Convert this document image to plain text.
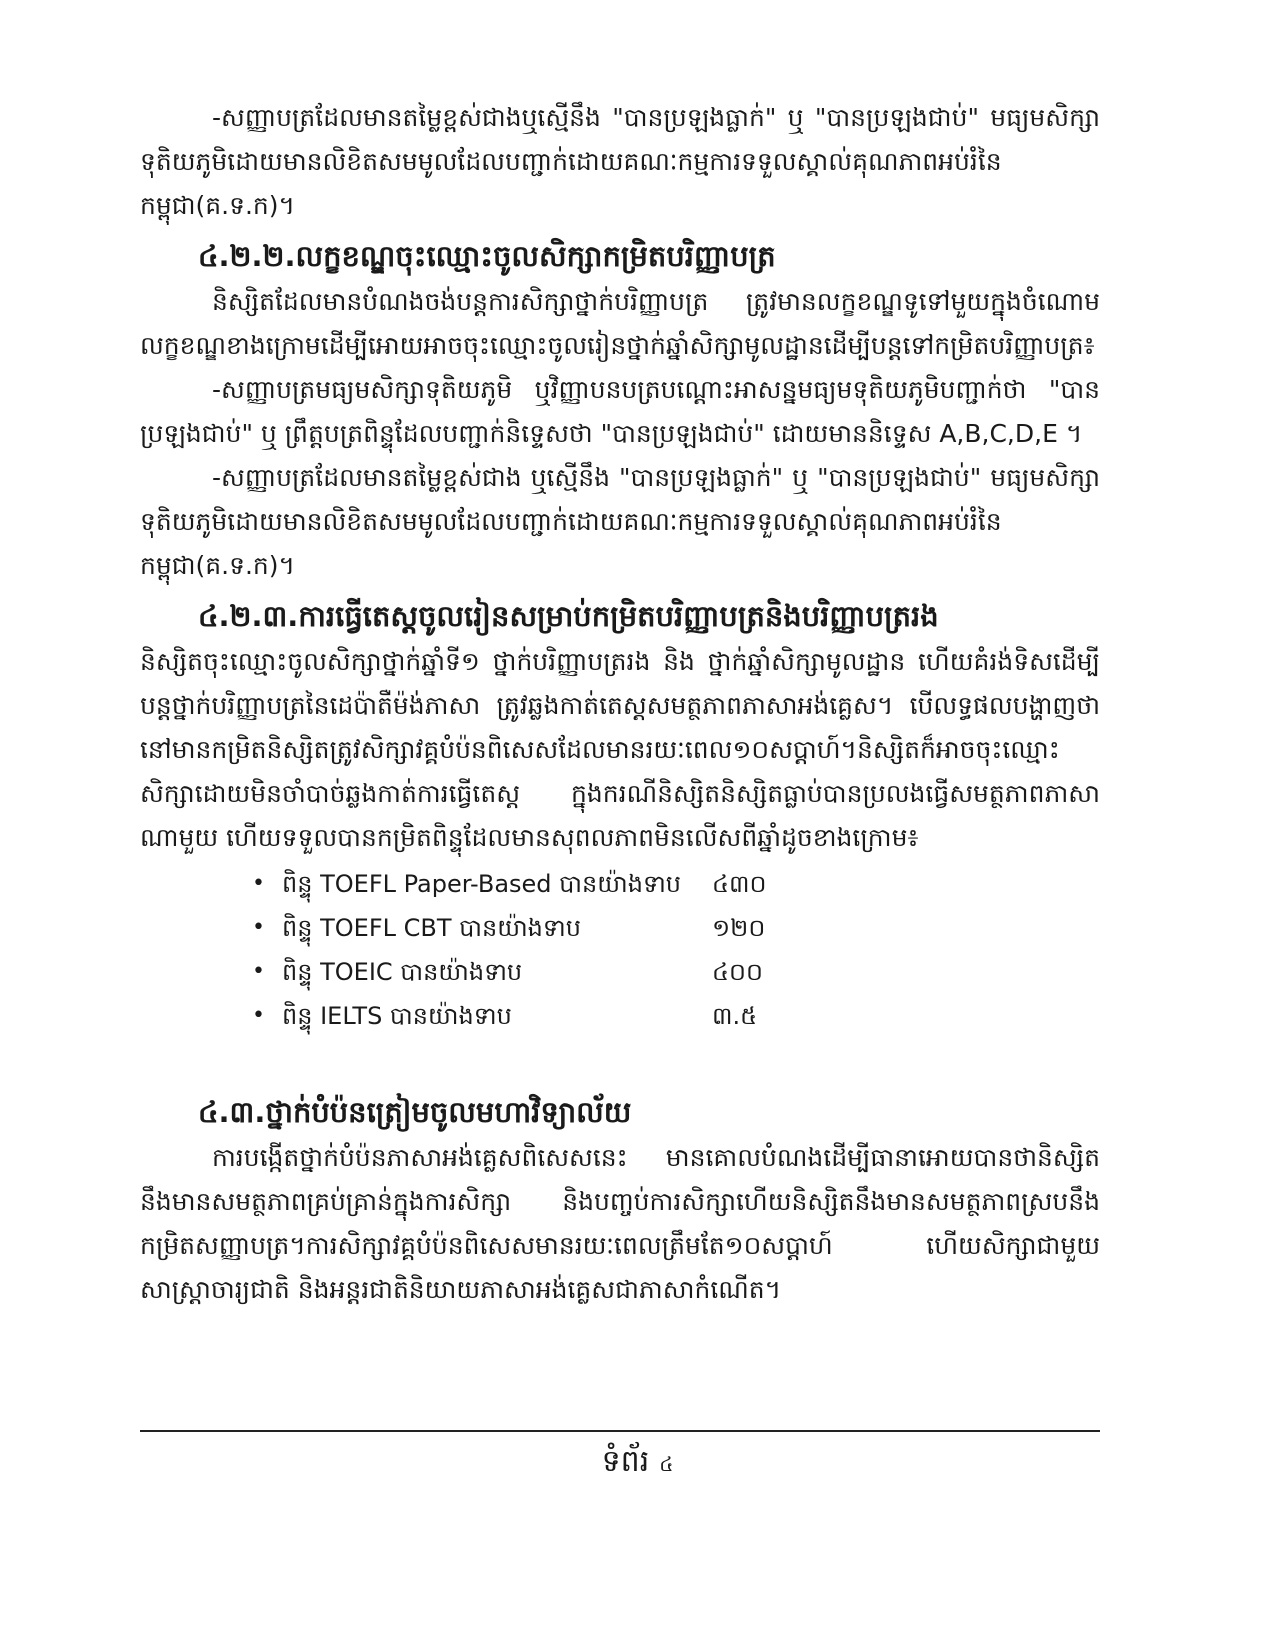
-សញ្ញាបត្រដែលមានតម្លៃខ្ពស់ជាងឬស្មើនឹង "បានប្រឡងធ្លាក់" ឬ "បានប្រឡងជាប់" មធ្យមសិក្សាទុតិយភូមិដោយមានលិខិតសមមូលដែលបញ្ជាក់ដោយគណៈកម្មការទទួលស្គាល់គុណភាពអប់រំនៃកម្ពុជា(គ.ទ.ក)។

៤.២.២.លក្ខខណ្ឌចុះឈ្មោះចូលសិក្សាកម្រិតបរិញ្ញាបត្រ

និស្សិតដែលមានបំណងចង់បន្តការសិក្សាថ្នាក់បរិញ្ញាបត្រ ត្រូវមានលក្ខខណ្ឌទូទៅមួយក្នុងចំណោមលក្ខខណ្ឌខាងក្រោមដើម្បីអោយអាចចុះឈ្មោះចូលរៀនថ្នាក់ឆ្នាំសិក្សាមូលដ្ឋានដើម្បីបន្តទៅកម្រិតបរិញ្ញាបត្រ៖

-សញ្ញាបត្រមធ្យមសិក្សាទុតិយភូមិ ឬវិញ្ញាបនបត្របណ្តោះអាសន្នមធ្យមទុតិយភូមិបញ្ជាក់ថា "បានប្រឡងជាប់" ឬ ព្រឹត្តបត្រពិន្ទុដែលបញ្ជាក់និទ្ទេសថា "បានប្រឡងជាប់" ដោយមាននិទ្ទេស A,B,C,D,E ។

-សញ្ញាបត្រដែលមានតម្លៃខ្ពស់ជាង ឬស្មើនឹង "បានប្រឡងធ្លាក់" ឬ "បានប្រឡងជាប់" មធ្យមសិក្សាទុតិយភូមិដោយមានលិខិតសមមូលដែលបញ្ជាក់ដោយគណៈកម្មការទទួលស្គាល់គុណភាពអប់រំនៃកម្ពុជា(គ.ទ.ក)។

៤.២.៣.ការធ្វើតេស្តចូលរៀនសម្រាប់កម្រិតបរិញ្ញាបត្រនិងបរិញ្ញាបត្ររង

និស្សិតចុះឈ្មោះចូលសិក្សាថ្នាក់ឆ្នាំទី១ ថ្នាក់បរិញ្ញាបត្ររង និង ថ្នាក់ឆ្នាំសិក្សាមូលដ្ឋាន ហើយគំរង់ទិសដើម្បីបន្តថ្នាក់បរិញ្ញាបត្រនៃដេប៉ាតឺម៉ង់ភាសា ត្រូវឆ្លងកាត់តេស្តសមត្ថភាពភាសាអង់គ្លេស។ បើលទ្ធផលបង្ហាញថានៅមានកម្រិតនិស្សិតត្រូវសិក្សាវគ្គបំប៉នពិសេសដែលមានរយៈពេល១០សប្តាហ៍។និស្សិតក៏អាចចុះឈ្មោះសិក្សាដោយមិនចាំបាច់ឆ្លងកាត់ការធ្វើតេស្ត ក្នុងករណីនិស្សិតនិស្សិតធ្លាប់បានប្រលងធ្វើសមត្ថភាពភាសាណាមួយ ហើយទទួលបានកម្រិតពិន្ទុដែលមានសុពលភាពមិនលើសពីឆ្នាំដូចខាងក្រោម៖

• ពិន្ទុ TOEFL Paper-Based បានយ៉ាងទាប	៤៣០
• ពិន្ទុ TOEFL CBT បានយ៉ាងទាប	១២០
• ពិន្ទុ TOEIC បានយ៉ាងទាប	៤០០
• ពិន្ទុ IELTS បានយ៉ាងទាប	៣.៥
៤.៣.ថ្នាក់បំប៉នត្រៀមចូលមហាវិទ្យាល័យ

ការបង្កើតថ្នាក់បំប៉នភាសាអង់គ្លេសពិសេសនេះ មានគោលបំណងដើម្បីធានាអោយបានថានិស្សិតនឹងមានសមត្ថភាពគ្រប់គ្រាន់ក្នុងការសិក្សា និងបញ្ចប់ការសិក្សាហើយនិស្សិតនឹងមានសមត្ថភាពស្របនឹងកម្រិតសញ្ញាបត្រ។ការសិក្សាវគ្គបំប៉នពិសេសមានរយៈពេលត្រឹមតែ១០សប្តាហ៍ ហើយសិក្សាជាមួយសាស្ត្រាចារ្យជាតិ និងអន្តរជាតិនិយាយភាសាអង់គ្លេសជាភាសាកំណើត។

ទំព័រ ៤
